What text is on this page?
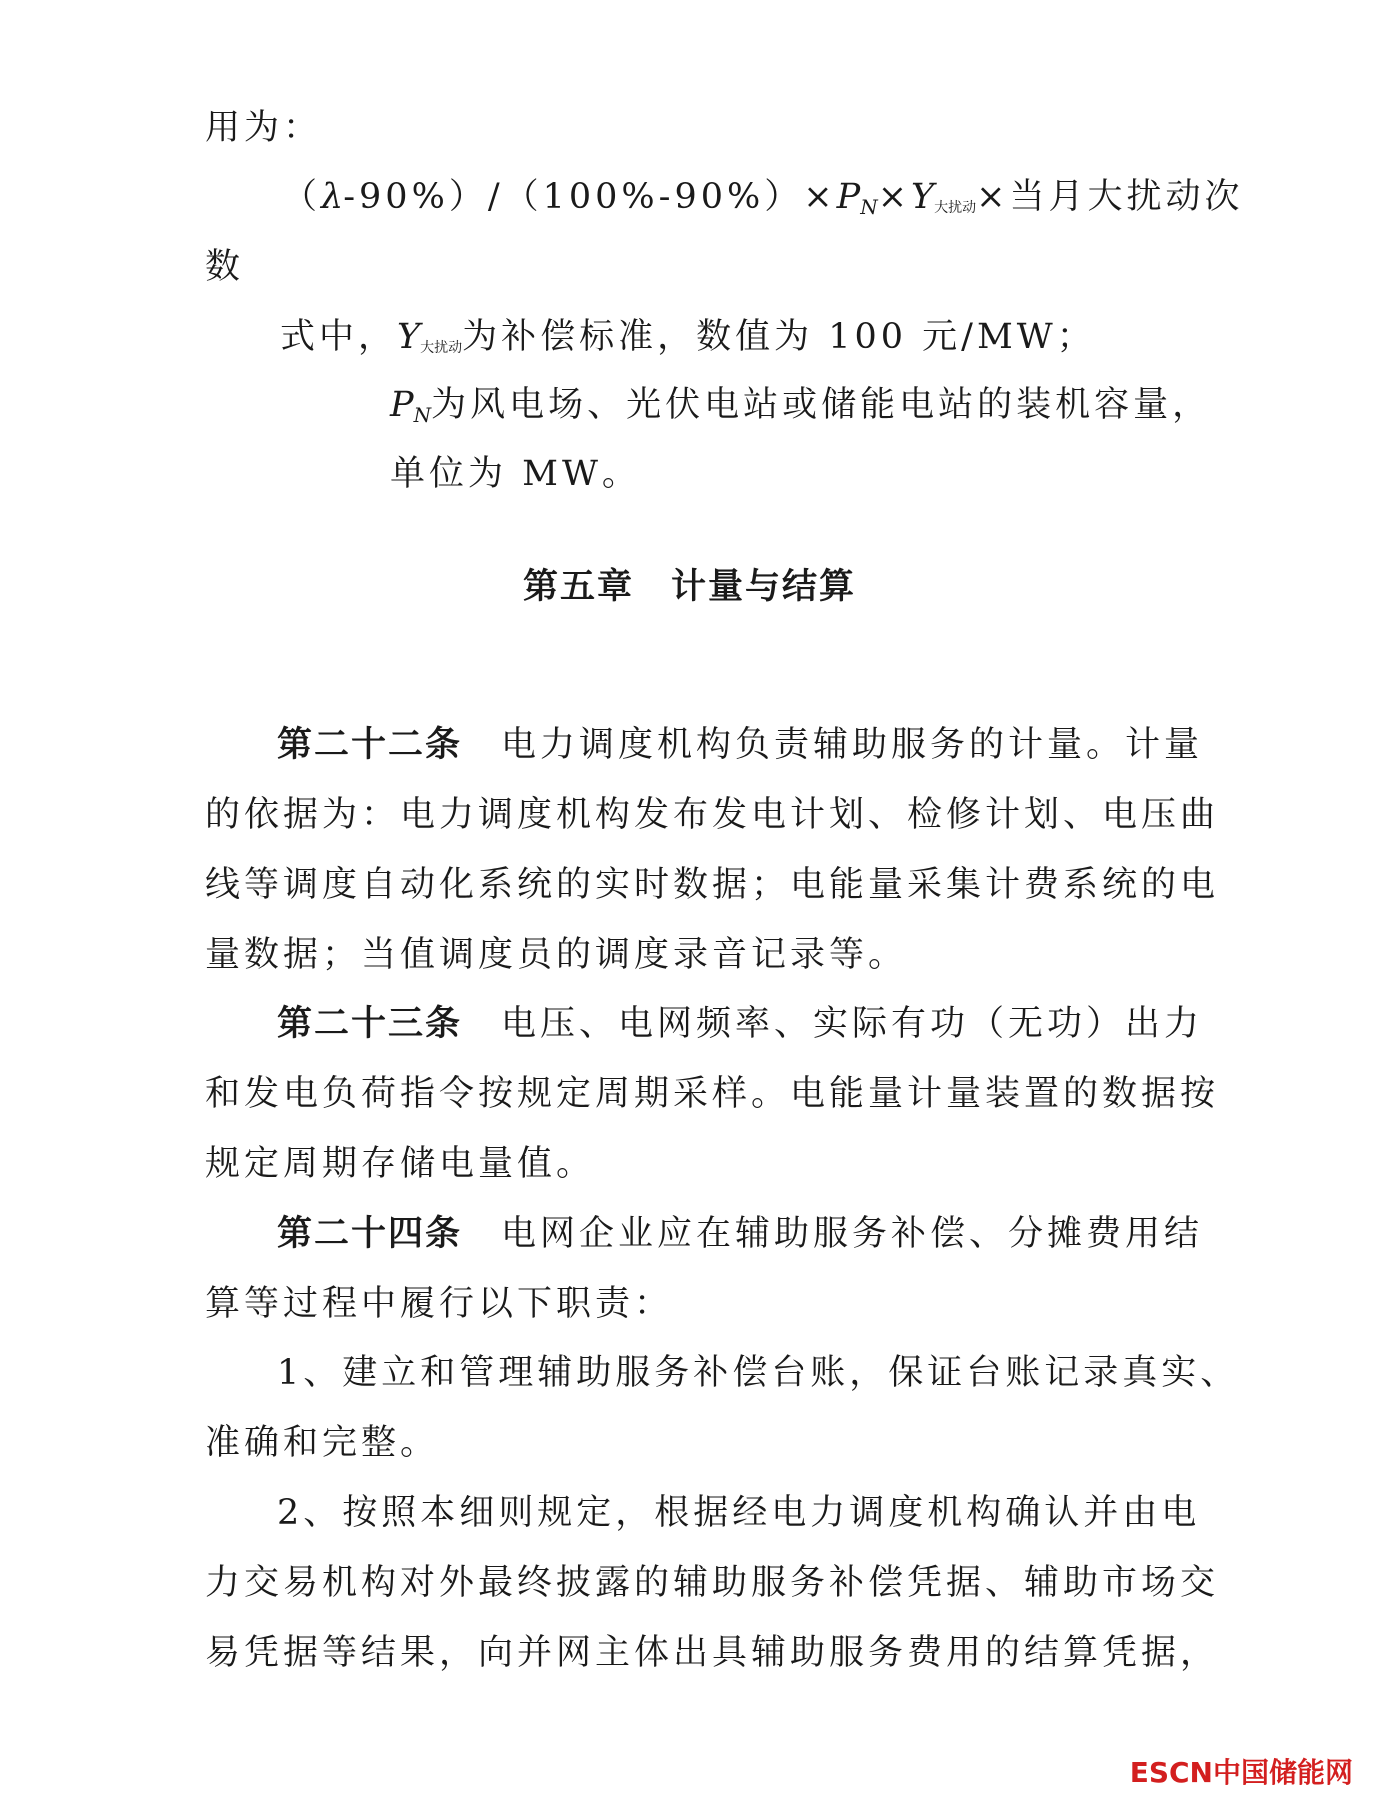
用为：
$(\lambda-90\%)/(100\%-90\%)\times PN\times Y_{大扰动}\times$当月大扰动次
数
式中，$Y_{大扰动}$为补偿标准，数值为 100 元/MW；
PN为风电场、光伏电站或储能电站的装机容量，
单位为 MW。
第五章　计量与结算
第二十二条　 电力调度机构负责辅助服务的计量。计量
的依据为：电力调度机构发布发电计划、检修计划、电压曲
线等调度自动化系统的实时数据；电能量采集计费系统的电
量数据；当值调度员的调度录音记录等。
第二十三条　 电压、电网频率、实际有功（无功）出力
和发电负荷指令按规定周期采样。电能量计量装置的数据按
规定周期存储电量值。
第二十四条　 电网企业应在辅助服务补偿、分摊费用结
算等过程中履行以下职责：
1、建立和管理辅助服务补偿台账，保证台账记录真实、
准确和完整。
2、按照本细则规定，根据经电力调度机构确认并由电
力交易机构对外最终披露的辅助服务补偿凭据、辅助市场交
易凭据等结果，向并网主体出具辅助服务费用的结算凭据，
ESCN中国储能网
